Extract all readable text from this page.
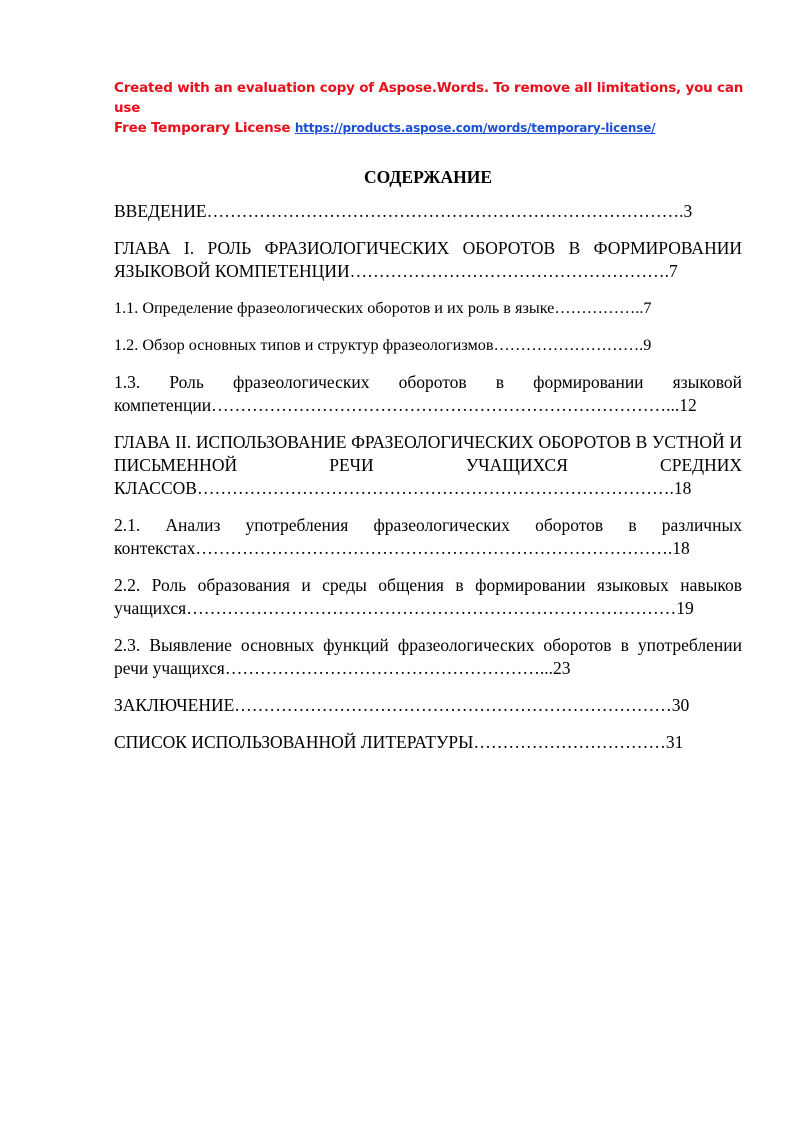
Created with an evaluation copy of Aspose.Words. To remove all limitations, you can use
Free Temporary License https://products.aspose.com/words/temporary-license/
СОДЕРЖАНИЕ

ВВЕДЕНИЕ……………………………………………………………………….3

ГЛАВА I. РОЛЬ ФРАЗИОЛОГИЧЕСКИХ ОБОРОТОВ В ФОРМИРОВАНИИ ЯЗЫКОВОЙ КОМПЕТЕНЦИИ……………………………………………….7

1.1. Определение фразеологических оборотов и их роль в языке……………..7

1.2. Обзор основных типов и структур фразеологизмов……………………….9

1.3. Роль фразеологических оборотов в формировании языковой компетенции……………………………………………………………………...12

ГЛАВА II. ИСПОЛЬЗОВАНИЕ ФРАЗЕОЛОГИЧЕСКИХ ОБОРОТОВ В УСТНОЙ И ПИСЬМЕННОЙ РЕЧИ УЧАЩИХСЯ СРЕДНИХ КЛАССОВ……………………………………………………………………….18

2.1. Анализ употребления фразеологических оборотов в различных контекстах……………………………………………………………………….18

2.2. Роль образования и среды общения в формировании языковых навыков учащихся…………………………………………………………………………19

2.3. Выявление основных функций фразеологических оборотов в употреблении речи учащихся………………………………………………...23

ЗАКЛЮЧЕНИЕ…………………………………………………………………30

СПИСОК ИСПОЛЬЗОВАННОЙ ЛИТЕРАТУРЫ……………………………31
